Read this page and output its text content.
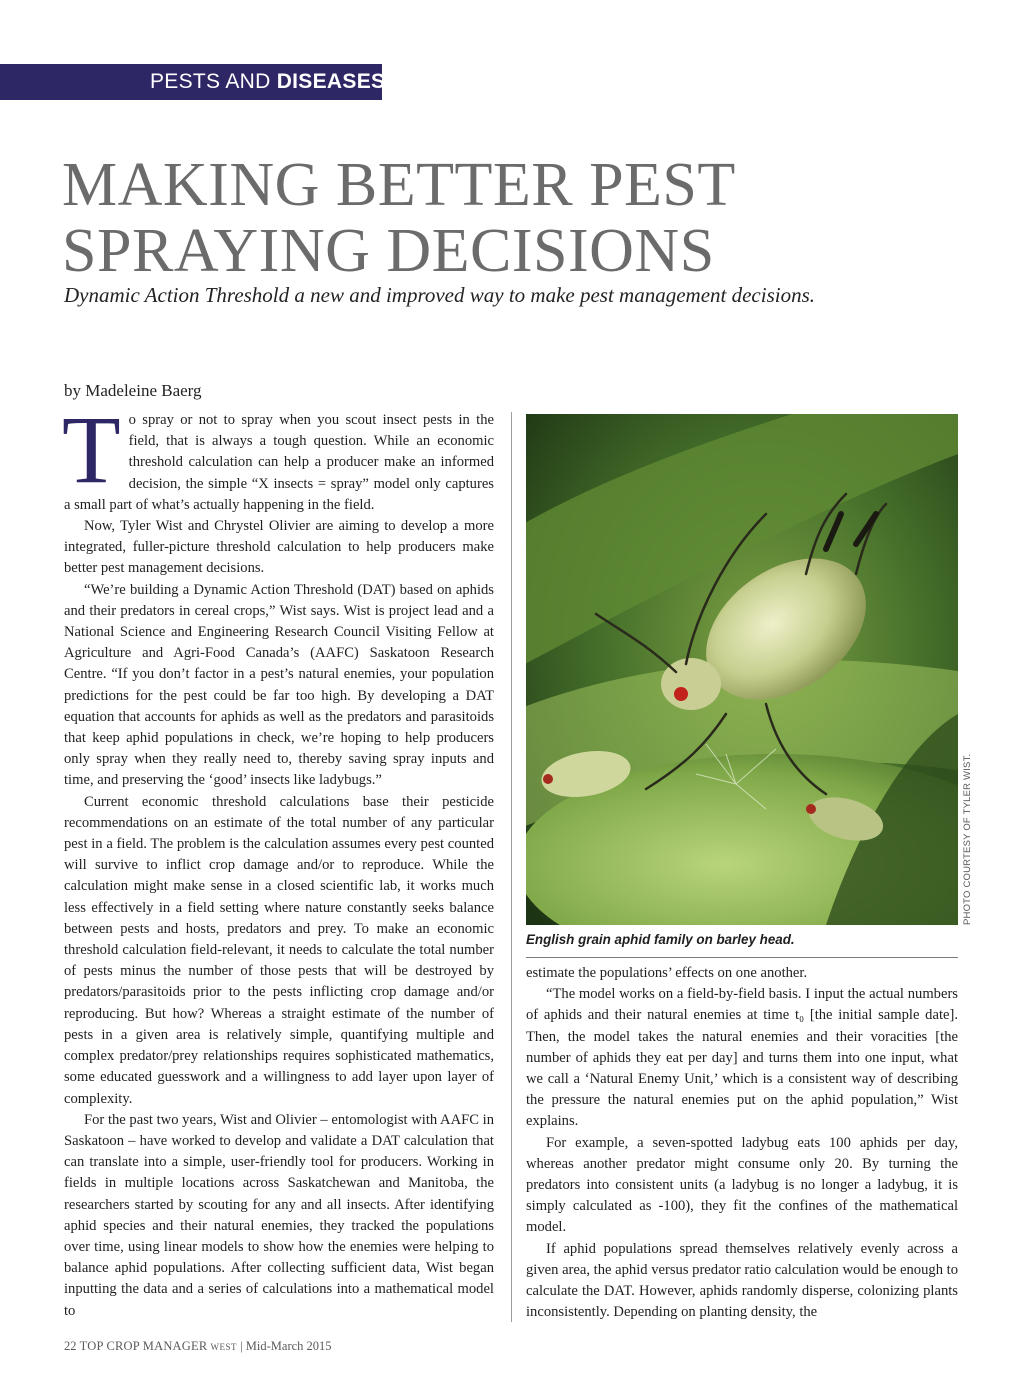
PESTS AND DISEASES
MAKING BETTER PEST
SPRAYING DECISIONS
Dynamic Action Threshold a new and improved way to make pest management decisions.
by Madeleine Baerg

To spray or not to spray when you scout insect pests in the field, that is always a tough question. While an economic threshold calculation can help a producer make an informed decision, the simple “X insects = spray” model only captures a small part of what’s actually happening in the field.

Now, Tyler Wist and Chrystel Olivier are aiming to develop a more integrated, fuller-picture threshold calculation to help producers make better pest management decisions.

“We’re building a Dynamic Action Threshold (DAT) based on aphids and their predators in cereal crops,” Wist says. Wist is project lead and a National Science and Engineering Research Council Visiting Fellow at Agriculture and Agri-Food Canada’s (AAFC) Saskatoon Research Centre. “If you don’t factor in a pest’s natural enemies, your population predictions for the pest could be far too high. By developing a DAT equation that accounts for aphids as well as the predators and parasitoids that keep aphid populations in check, we’re hoping to help producers only spray when they really need to, thereby saving spray inputs and time, and preserving the ‘good’ insects like ladybugs.”

Current economic threshold calculations base their pesticide recommendations on an estimate of the total number of any particular pest in a field. The problem is the calculation assumes every pest counted will survive to inflict crop damage and/or to reproduce. While the calculation might make sense in a closed scientific lab, it works much less effectively in a field setting where nature constantly seeks balance between pests and hosts, predators and prey. To make an economic threshold calculation field-relevant, it needs to calculate the total number of pests minus the number of those pests that will be destroyed by predators/parasitoids prior to the pests inflicting crop damage and/or reproducing. But how? Whereas a straight estimate of the number of pests in a given area is relatively simple, quantifying multiple and complex predator/prey relationships requires sophisticated mathematics, some educated guesswork and a willingness to add layer upon layer of complexity.

For the past two years, Wist and Olivier – entomologist with AAFC in Saskatoon – have worked to develop and validate a DAT calculation that can translate into a simple, user-friendly tool for producers. Working in fields in multiple locations across Saskatchewan and Manitoba, the researchers started by scouting for any and all insects. After identifying aphid species and their natural enemies, they tracked the populations over time, using linear models to show how the enemies were helping to balance aphid populations. After collecting sufficient data, Wist began inputting the data and a series of calculations into a mathematical model to

PHOTO COURTESY OF TYLER WIST.
English grain aphid family on barley head.

estimate the populations’ effects on one another.

“The model works on a field-by-field basis. I input the actual numbers of aphids and their natural enemies at time t₀ [the initial sample date]. Then, the model takes the natural enemies and their voracities [the number of aphids they eat per day] and turns them into one input, what we call a ‘Natural Enemy Unit,’ which is a consistent way of describing the pressure the natural enemies put on the aphid population,” Wist explains.

For example, a seven-spotted ladybug eats 100 aphids per day, whereas another predator might consume only 20. By turning the predators into consistent units (a ladybug is no longer a ladybug, it is simply calculated as -100), they fit the confines of the mathematical model.

If aphid populations spread themselves relatively evenly across a given area, the aphid versus predator ratio calculation would be enough to calculate the DAT. However, aphids randomly disperse, colonizing plants inconsistently. Depending on planting density, the

22 TOP CROP MANAGER WEST | Mid-March 2015
